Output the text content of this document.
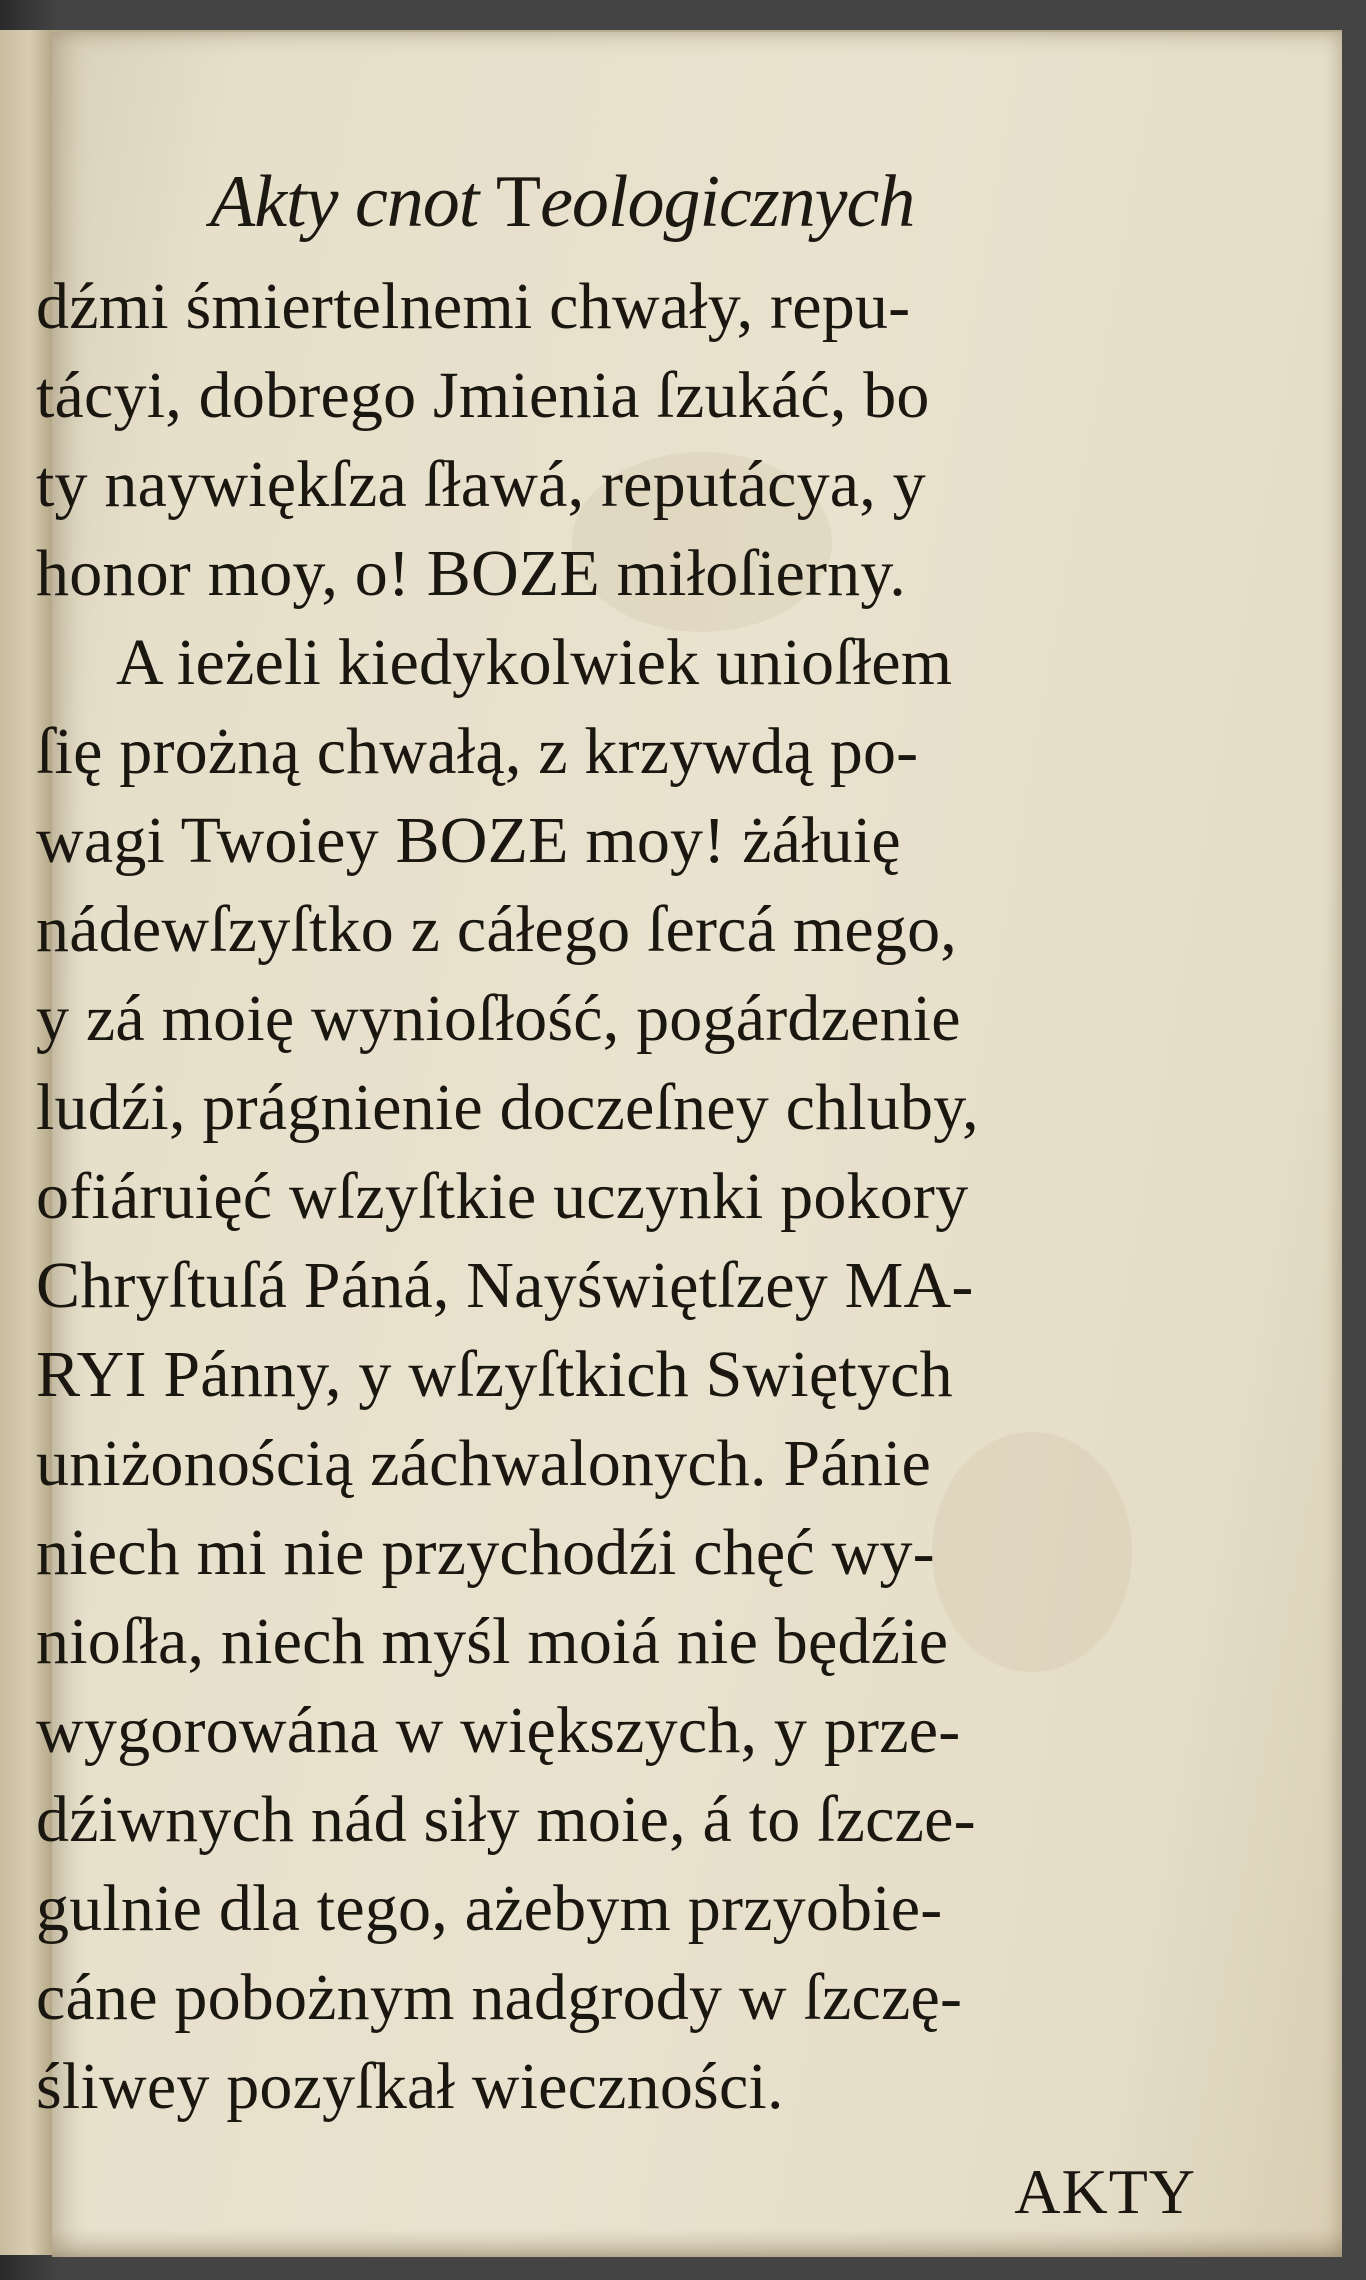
Akty cnot Teologicznych
dźmi śmiertelnemi chwały, repu-
tácyi, dobrego Jmienia ſzukáć, bo
ty naywiękſza ſławá, reputácya, y
honor moy, o! BOZE miłoſierny.
A ieżeli kiedykolwiek unioſłem
ſię prożną chwałą, z krzywdą po-
wagi Twoiey BOZE moy! żáłuię
nádewſzyſtko z cáłego ſercá mego,
y zá moię wynioſłość, pogárdzenie
ludźi, prágnienie doczeſney chluby,
ofiáruięć wſzyſtkie uczynki pokory
Chryſtuſá Páná, Nayświętſzey MA-
RYI Pánny, y wſzyſtkich Swiętych
uniżonością záchwalonych. Pánie
niech mi nie przychodźi chęć wy-
nioſła, niech myśl moiá nie będźie
wygorowána w większych, y prze-
dźiwnych nád siły moie, á to ſzcze-
gulnie dla tego, ażebym przyobie-
cáne pobożnym nadgrody w ſzczę-
śliwey pozyſkał wieczności.
AKTY
